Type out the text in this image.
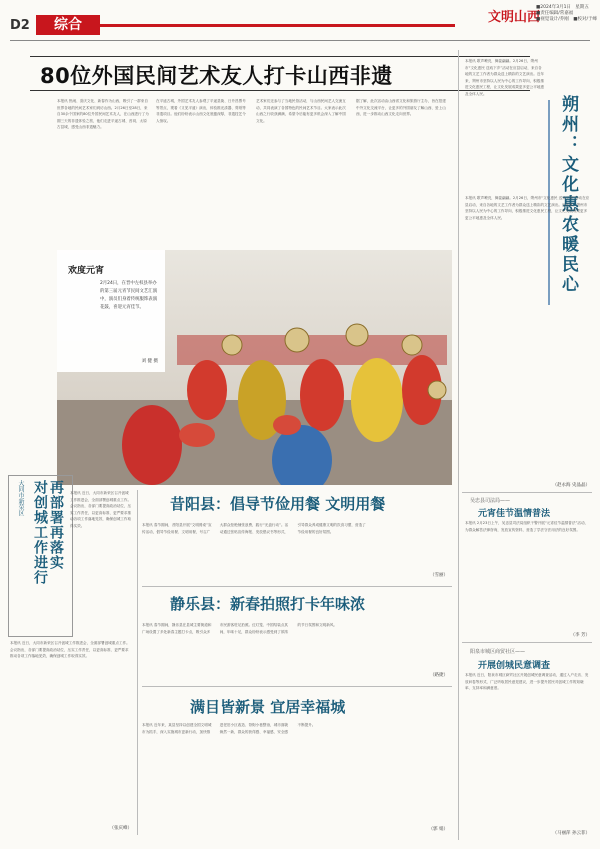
D2	综合	文明山西
■2024年3月1日　星期五
■责任编辑/常嘉福
■视觉设计/乔刚　■校对/于峰
80位外国民间艺术友人打卡山西非遗
本报讯 热闹、喜庆文化、新春作为山西，吸引了一群来自世界各地的民间艺术家们到访山西。2月26日至28日，来自30余个国家的80位外国民间艺术友人，在山西进行了为期三天的非遗体验之旅，他们走进平遥古城、晋祠、太原古县城，感受山西非遗魅力。
在平遥古城，外国艺术友人参观了平遥县衙、日升昌票号等景点，观看《又见平遥》演出，体验推光漆器、剪纸等非遗项目。他们纷纷表示山西文化底蕴深厚，非遗技艺令人惊叹。
艺术家们还参与了当地民俗活动，与山西民间艺人交流互动，共同表演了各国特色的民间艺术节目。大家表示此次山西之行收获满满，希望今后能有更多机会深入了解中国文化。
据了解，此次活动由山西省文化和旅游厅主办，旨在搭建中外文化交流平台，让更多的外国朋友了解山西、爱上山西，进一步推动山西文化走向世界。
欢度元宵
2月24日，在晋中左权县举办的第三届元宵节民间文艺汇演中，演员们身着传统服饰表演花鼓，喜迎元宵佳节。
刘 健 摄
本报讯 歌声嘹亮，舞姿翩翩。2月26日，朔州市“文化惠民 送戏下乡”活动在应县启动，来自各地的文艺工作者为群众送上精彩的文艺演出。近年来，朔州市坚持以人民为中心的工作导向，积极推进文化惠民工程，让文化发展成果更多更公平地惠及全体人民。
朔州：文化惠农暖民心
本报讯 歌声嘹亮，舞姿翩翩。2月26日，朔州市“文化惠民 送戏下乡”活动在应县启动，来自各地的文艺工作者为群众送上精彩的文艺演出。近年来，朔州市坚持以人民为中心的工作导向，积极推进文化惠民工程，让文化发展成果更多更公平地惠及全体人民。
（赵永海 史晶晶）
大同市新荣区 对创城工作进行 再部署再落实 本报讯 近日，大同市新荣区召开创城工作推进会，全面部署创城重点工作。会议指出，各部门要提高政治站位，压实工作责任，以更高标准、更严要求推动各项工作落地见效，确保创城工作取得实效。
本报讯 近日，大同市新荣区召开创城工作推进会，全面部署创城重点工作。会议指出，各部门要提高政治站位，压实工作责任，以更高标准、更严要求推动各项工作落地见效，确保创城工作取得实效。
（张庆峰）
昔阳县：倡导节俭用餐 文明用餐
本报讯 春节期间，昔阳县开展“文明餐桌”宣传活动，倡导节俭用餐、文明用餐，号召广大群众拒绝铺张浪费，践行“光盘行动”。活动通过张贴宣传海报、发放倡议书等形式，引导群众养成健康文明的饮食习惯，营造了节俭用餐的良好氛围。
（雪丽）
静乐县：新春拍照打卡年味浓
本报讯 春节期间，静乐县在县城主要街道和广场设置了多处新春主题打卡点，吸引众多市民游客驻足拍照。红灯笼、中国结装点其间，年味十足，群众纷纷表示感受到了浓浓的节日氛围和文明新风。
（路捷）
满目皆新景 宜居幸福城
本报讯 近年来，某县坚持以创建全国文明城市为抓手，深入实施城市更新行动，加快推进老旧小区改造、背街小巷整治，城市面貌焕然一新，群众的获得感、幸福感、安全感不断提升。
（郭 娟）
吴忠县司法局——
元宵佳节温情普法
本报讯 2月23日上午，吴忠县司法局组织干警开展“元宵佳节温情普法”活动，为群众解答法律咨询，发放宣传资料，营造了学法守法用法的良好氛围。
（李 芳）
阳泉市城区商贸社区——
开展创城民意调查
本报讯 近日，阳泉市城区商贸社区开展创城民意调查活动，通过入户走访、发放问卷等形式，广泛听取居民意见建议，进一步提升居民对创城工作的知晓率、支持率和满意度。
（马丽萍 孙云菲）
